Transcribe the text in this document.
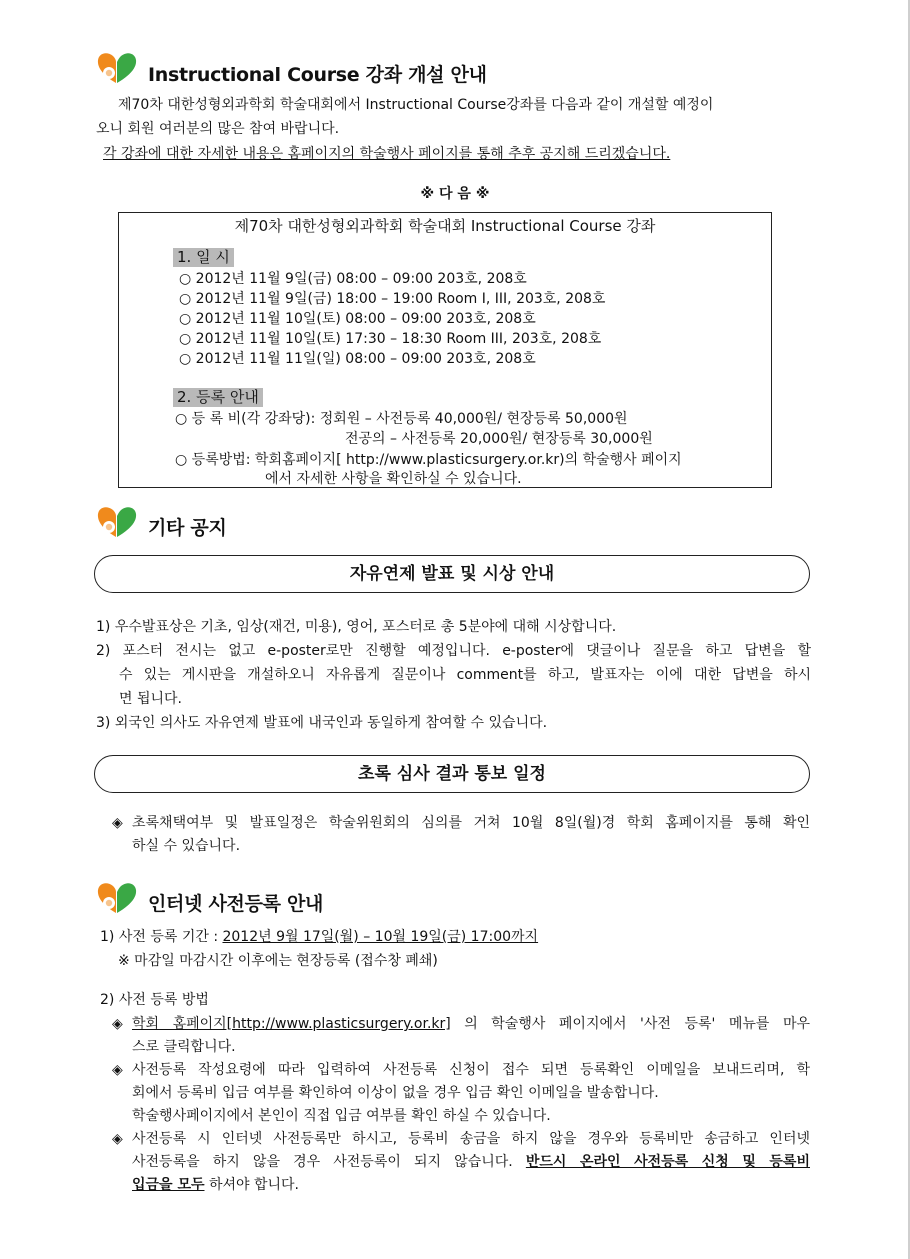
Instructional Course 강좌 개설 안내
제70차 대한성형외과학회 학술대회에서 Instructional Course강좌를 다음과 같이 개설할 예정이
오니 회원 여러분의 많은 참여 바랍니다.
각 강좌에 대한 자세한 내용은 홈페이지의 학술행사 페이지를 통해 추후 공지해 드리겠습니다.
※ 다 음 ※
제70차 대한성형외과학회 학술대회 Instructional Course 강좌
1. 일 시
○ 2012년 11월 9일(금) 08:00 – 09:00 203호, 208호
○ 2012년 11월 9일(금) 18:00 – 19:00 Room I, III, 203호, 208호
○ 2012년 11월 10일(토) 08:00 – 09:00 203호, 208호
○ 2012년 11월 10일(토) 17:30 – 18:30 Room III, 203호, 208호
○ 2012년 11월 11일(일) 08:00 – 09:00 203호, 208호
2. 등록 안내
○ 등 록 비(각 강좌당): 정회원 – 사전등록 40,000원/ 현장등록 50,000원
전공의 – 사전등록 20,000원/ 현장등록 30,000원
○ 등록방법: 학회홈페이지[ http://www.plasticsurgery.or.kr)의 학술행사 페이지
에서 자세한 사항을 확인하실 수 있습니다.
기타 공지
자유연제 발표 및 시상 안내
1) 우수발표상은 기초, 임상(재건, 미용), 영어, 포스터로 총 5분야에 대해 시상합니다.
2) 포스터 전시는 없고 e-poster로만 진행할 예정입니다. e-poster에 댓글이나 질문을 하고 답변을 할
수 있는 게시판을 개설하오니 자유롭게 질문이나 comment를 하고, 발표자는 이에 대한 답변을 하시
면 됩니다.
3) 외국인 의사도 자유연제 발표에 내국인과 동일하게 참여할 수 있습니다.
초록 심사 결과 통보 일정
◈ 초록채택여부 및 발표일정은 학술위원회의 심의를 거쳐 10월 8일(월)경 학회 홈페이지를 통해 확인
하실 수 있습니다.
인터넷 사전등록 안내
1) 사전 등록 기간 : 2012년 9월 17일(월) – 10월 19일(금) 17:00까지
※ 마감일 마감시간 이후에는 현장등록 (접수창 폐쇄)
2) 사전 등록 방법
◈ 학회 홈페이지[http://www.plasticsurgery.or.kr] 의 학술행사 페이지에서 '사전 등록' 메뉴를 마우
스로 클릭합니다.
◈ 사전등록 작성요령에 따라 입력하여 사전등록 신청이 접수 되면 등록확인 이메일을 보내드리며, 학
회에서 등록비 입금 여부를 확인하여 이상이 없을 경우 입금 확인 이메일을 발송합니다.
학술행사페이지에서 본인이 직접 입금 여부를 확인 하실 수 있습니다.
◈ 사전등록 시 인터넷 사전등록만 하시고, 등록비 송금을 하지 않을 경우와 등록비만 송금하고 인터넷
사전등록을 하지 않을 경우 사전등록이 되지 않습니다. 반드시 온라인 사전등록 신청 및 등록비
입금을 모두 하셔야 합니다.
